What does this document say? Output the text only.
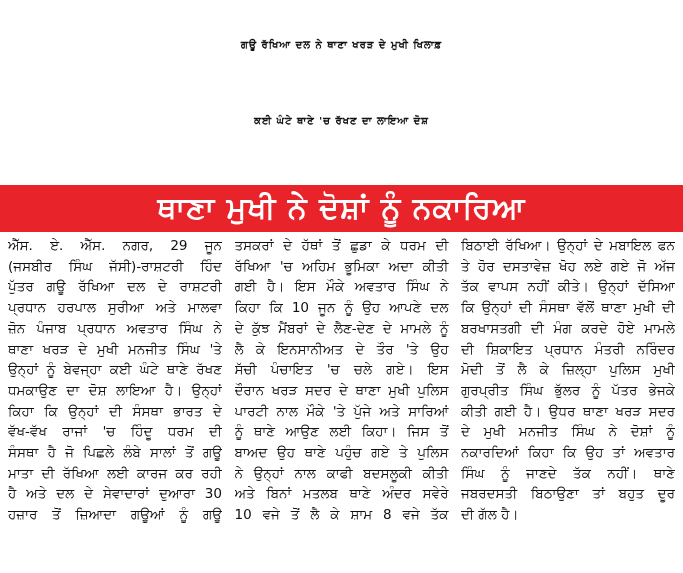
ਗਊ ਰੱਖਿਆ ਦਲ ਨੇ ਥਾਣਾ ਖਰੜ ਦੇ ਮੁਖੀ ਖਿਲਾਫ਼
ਕਈ ਘੰਟੇ ਥਾਣੇ 'ਚ ਰੱਖਣ ਦਾ ਲਾਇਆ ਦੋਸ਼
ਥਾਣਾ ਮੁਖੀ ਨੇ ਦੋਸ਼ਾਂ ਨੂੰ ਨਕਾਰਿਆ
ਐੱਸ. ਏ. ਐੱਸ. ਨਗਰ, 29 ਜੂਨ
(ਜਸਬੀਰ ਸਿੰਘ ਜੱਸੀ)-ਰਾਸ਼ਟਰੀ ਹਿੰਦ
ਪੁੱਤਰ ਗਊ ਰੱਖਿਆ ਦਲ ਦੇ ਰਾਸ਼ਟਰੀ
ਪ੍ਰਧਾਨ ਹਰਪਾਲ ਸੁਰੀਆ ਅਤੇ ਮਾਲਵਾ
ਜ਼ੋਨ ਪੰਜਾਬ ਪ੍ਰਧਾਨ ਅਵਤਾਰ ਸਿੰਘ ਨੇ
ਥਾਣਾ ਖਰੜ ਦੇ ਮੁਖੀ ਮਨਜੀਤ ਸਿੰਘ 'ਤੇ
ਉਨ੍ਹਾਂ ਨੂੰ ਬੇਵਜ੍ਹਾ ਕਈ ਘੰਟੇ ਥਾਣੇ ਰੱਖਣ
ਧਮਕਾਉਣ ਦਾ ਦੋਸ਼ ਲਾਇਆ ਹੈ। ਉਨ੍ਹਾਂ
ਕਿਹਾ ਕਿ ਉਨ੍ਹਾਂ ਦੀ ਸੰਸਥਾ ਭਾਰਤ ਦੇ
ਵੱਖ-ਵੱਖ ਰਾਜਾਂ 'ਚ ਹਿੰਦੂ ਧਰਮ ਦੀ
ਸੰਸਥਾ ਹੈ ਜੋ ਪਿਛਲੇ ਲੰਬੇ ਸਾਲਾਂ ਤੋਂ ਗਊ
ਮਾਤਾ ਦੀ ਰੱਖਿਆ ਲਈ ਕਾਰਜ ਕਰ ਰਹੀ
ਹੈ ਅਤੇ ਦਲ ਦੇ ਸੇਵਾਦਾਰਾਂ ਦੁਆਰਾ 30
ਹਜ਼ਾਰ ਤੋਂ ਜ਼ਿਆਦਾ ਗਊਆਂ ਨੂੰ ਗਊ
ਤਸਕਰਾਂ ਦੇ ਹੱਥਾਂ ਤੋਂ ਛੁਡਾ ਕੇ ਧਰਮ ਦੀ
ਰੱਖਿਆ 'ਚ ਅਹਿਮ ਭੂਮਿਕਾ ਅਦਾ ਕੀਤੀ
ਗਈ ਹੈ। ਇਸ ਮੌਕੇ ਅਵਤਾਰ ਸਿੰਘ ਨੇ
ਕਿਹਾ ਕਿ 10 ਜੂਨ ਨੂੰ ਉਹ ਆਪਣੇ ਦਲ
ਦੇ ਕੁੱਝ ਮੈਂਬਰਾਂ ਦੇ ਲੈਣ-ਦੇਣ ਦੇ ਮਾਮਲੇ ਨੂੰ
ਲੈ ਕੇ ਇਨਸਾਨੀਅਤ ਦੇ ਤੌਰ 'ਤੇ ਉਹ
ਸੱਚੀ ਪੰਚਾਇਤ 'ਚ ਚਲੇ ਗਏ। ਇਸ
ਦੌਰਾਨ ਖਰੜ ਸਦਰ ਦੇ ਥਾਣਾ ਮੁਖੀ ਪੁਲਿਸ
ਪਾਰਟੀ ਨਾਲ ਮੌਕੇ 'ਤੇ ਪੁੱਜੇ ਅਤੇ ਸਾਰਿਆਂ
ਨੂੰ ਥਾਣੇ ਆਉਣ ਲਈ ਕਿਹਾ। ਜਿਸ ਤੋਂ
ਬਾਅਦ ਉਹ ਥਾਣੇ ਪਹੁੰਚ ਗਏ ਤੇ ਪੁਲਿਸ
ਨੇ ਉਨ੍ਹਾਂ ਨਾਲ ਕਾਫੀ ਬਦਸਲੂਕੀ ਕੀਤੀ
ਅਤੇ ਬਿਨਾਂ ਮਤਲਬ ਥਾਣੇ ਅੰਦਰ ਸਵੇਰੇ
10 ਵਜੇ ਤੋਂ ਲੈ ਕੇ ਸ਼ਾਮ 8 ਵਜੇ ਤੱਕ
ਬਿਠਾਈ ਰੱਖਿਆ। ਉਨ੍ਹਾਂ ਦੇ ਮਬਾਇਲ ਫਨ
ਤੇ ਹੋਰ ਦਸਤਾਵੇਜ਼ ਖੋਹ ਲਏ ਗਏ ਜੋ ਅੱਜ
ਤੱਕ ਵਾਪਸ ਨਹੀਂ ਕੀਤੇ। ਉਨ੍ਹਾਂ ਦੱਸਿਆ
ਕਿ ਉਨ੍ਹਾਂ ਦੀ ਸੰਸਥਾ ਵੱਲੋਂ ਥਾਣਾ ਮੁਖੀ ਦੀ
ਬਰਖਾਸਤਗੀ ਦੀ ਮੰਗ ਕਰਦੇ ਹੋਏ ਮਾਮਲੇ
ਦੀ ਸ਼ਿਕਾਇਤ ਪ੍ਰਧਾਨ ਮੰਤਰੀ ਨਰਿੰਦਰ
ਮੋਦੀ ਤੋਂ ਲੈ ਕੇ ਜ਼ਿਲ੍ਹਾ ਪੁਲਿਸ ਮੁਖੀ
ਗੁਰਪ੍ਰੀਤ ਸਿੰਘ ਭੁੱਲਰ ਨੂੰ ਪੱਤਰ ਭੇਜਕੇ
ਕੀਤੀ ਗਈ ਹੈ। ਉਧਰ ਥਾਣਾ ਖਰੜ ਸਦਰ
ਦੇ ਮੁਖੀ ਮਨਜੀਤ ਸਿੰਘ ਨੇ ਦੋਸ਼ਾਂ ਨੂੰ
ਨਕਾਰਦਿਆਂ ਕਿਹਾ ਕਿ ਉਹ ਤਾਂ ਅਵਤਾਰ
ਸਿੰਘ ਨੂੰ ਜਾਣਦੇ ਤੱਕ ਨਹੀਂ। ਥਾਣੇ
ਜਬਰਦਸਤੀ ਬਿਠਾਉਣਾ ਤਾਂ ਬਹੁਤ ਦੂਰ
ਦੀ ਗੱਲ ਹੈ।
